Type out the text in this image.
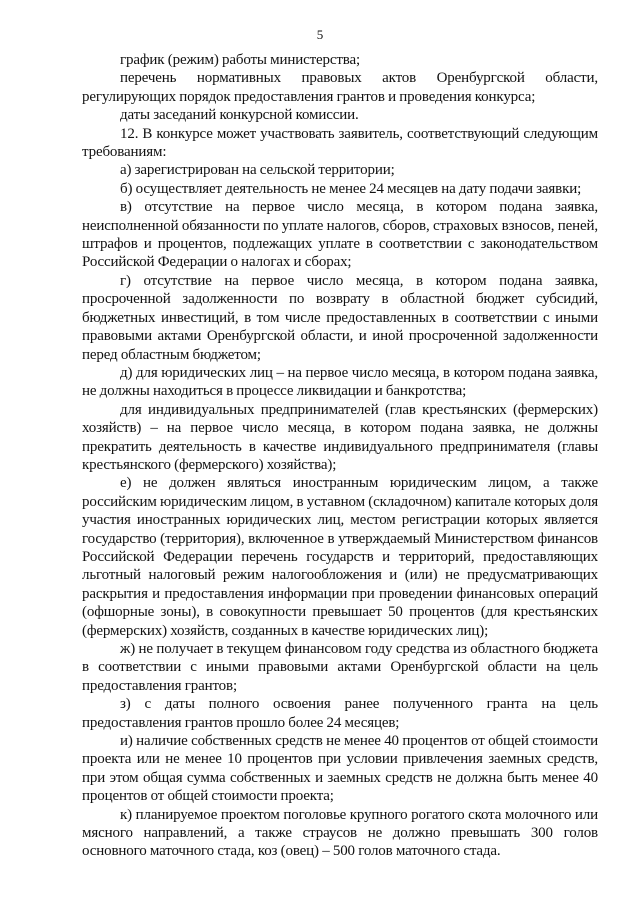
5

график (режим) работы министерства;

перечень нормативных правовых актов Оренбургской области, регулирующих порядок предоставления грантов и проведения конкурса;

даты заседаний конкурсной комиссии.

12. В конкурсе может участвовать заявитель, соответствующий следующим требованиям:

а) зарегистрирован на сельской территории;

б) осуществляет деятельность не менее 24 месяцев на дату подачи заявки;

в) отсутствие на первое число месяца, в котором подана заявка, неисполненной обязанности по уплате налогов, сборов, страховых взносов, пеней, штрафов и процентов, подлежащих уплате в соответствии с законодательством Российской Федерации о налогах и сборах;

г) отсутствие на первое число месяца, в котором подана заявка, просроченной задолженности по возврату в областной бюджет субсидий, бюджетных инвестиций, в том числе предоставленных в соответствии с иными правовыми актами Оренбургской области, и иной просроченной задолженности перед областным бюджетом;

д) для юридических лиц – на первое число месяца, в котором подана заявка, не должны находиться в процессе ликвидации и банкротства;

для индивидуальных предпринимателей (глав крестьянских (фермерских) хозяйств) – на первое число месяца, в котором подана заявка, не должны прекратить деятельность в качестве индивидуального предпринимателя (главы крестьянского (фермерского) хозяйства);

е) не должен являться иностранным юридическим лицом, а также российским юридическим лицом, в уставном (складочном) капитале которых доля участия иностранных юридических лиц, местом регистрации которых является государство (территория), включенное в утверждаемый Министерством финансов Российской Федерации перечень государств и территорий, предоставляющих льготный налоговый режим налогообложения и (или) не предусматривающих раскрытия и предоставления информации при проведении финансовых операций (офшорные зоны), в совокупности превышает 50 процентов (для крестьянских (фермерских) хозяйств, созданных в качестве юридических лиц);

ж) не получает в текущем финансовом году средства из областного бюджета в соответствии с иными правовыми актами Оренбургской области на цель предоставления грантов;

з) с даты полного освоения ранее полученного гранта на цель предоставления грантов прошло более 24 месяцев;

и) наличие собственных средств не менее 40 процентов от общей стоимости проекта или не менее 10 процентов при условии привлечения заемных средств, при этом общая сумма собственных и заемных средств не должна быть менее 40 процентов от общей стоимости проекта;

к) планируемое проектом поголовье крупного рогатого скота молочного или мясного направлений, а также страусов не должно превышать 300 голов основного маточного стада, коз (овец) – 500 голов маточного стада.
